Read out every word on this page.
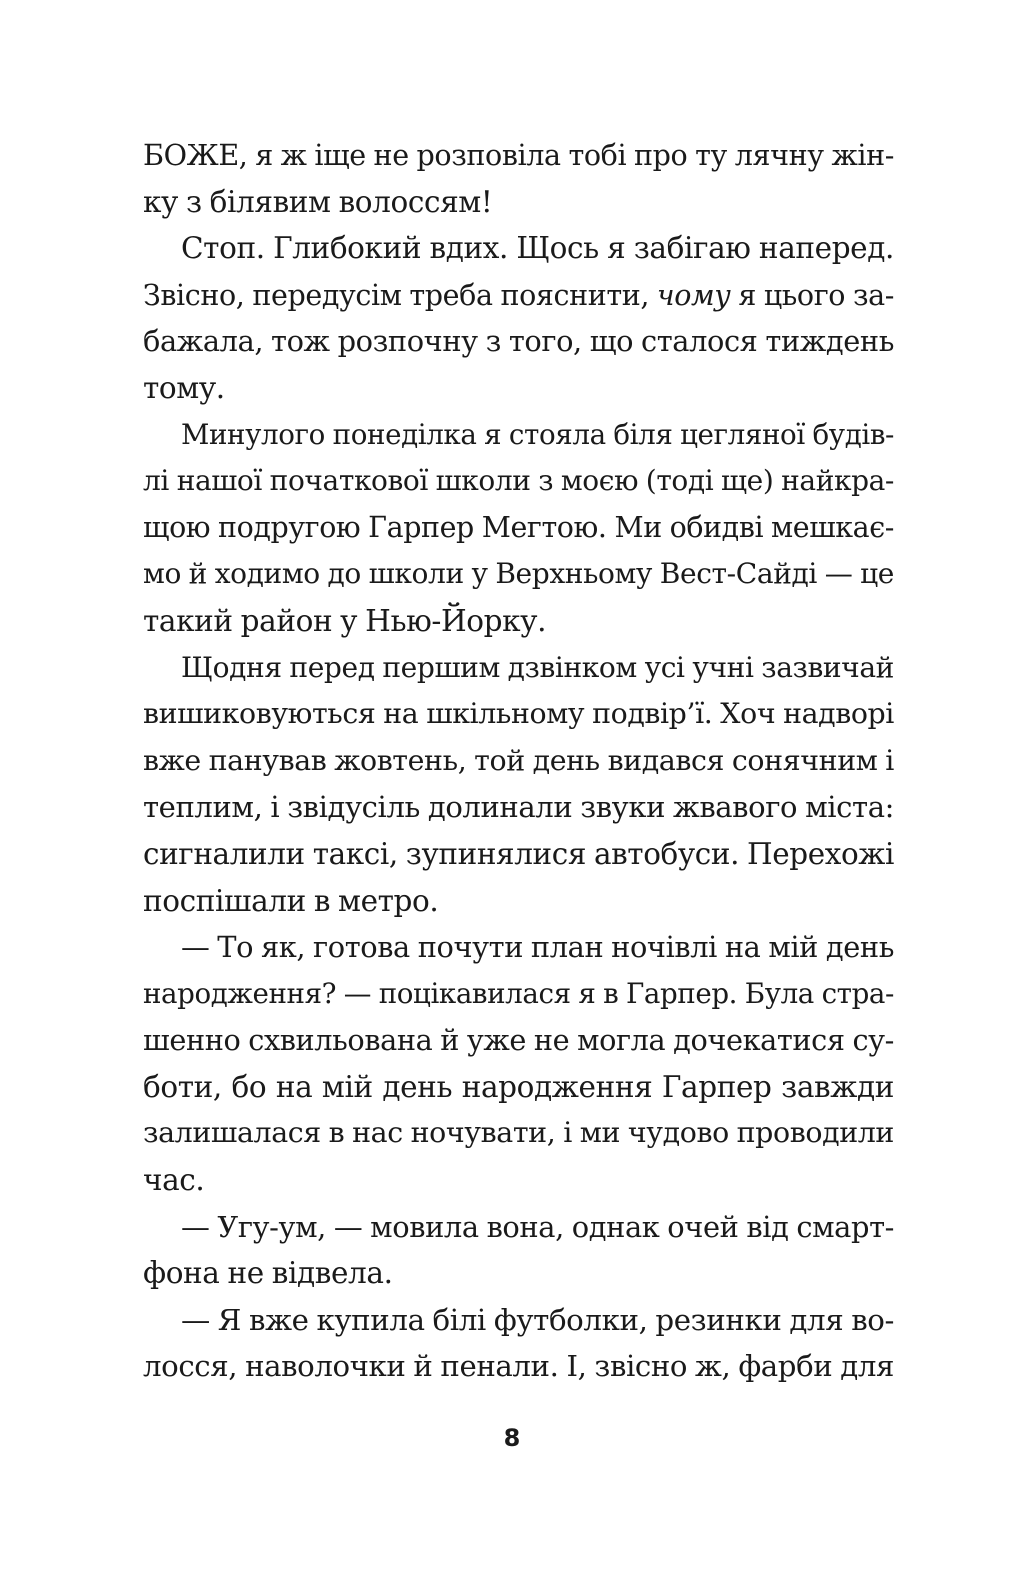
БОЖЕ, я ж іще не розповіла тобі про ту лячну жін-
ку з білявим волоссям!
Стоп. Глибокий вдих. Щось я забігаю наперед.
Звісно, передусім треба пояснити, чому я цього за-
бажала, тож розпочну з того, що сталося тиждень
тому.
Минулого понеділка я стояла біля цегляної будів-
лі нашої початкової школи з моєю (тоді ще) найкра-
щою подругою Гарпер Мегтою. Ми обидві мешкає-
мо й ходимо до школи у Верхньому Вест-Сайді — це
такий район у Нью-Йорку.
Щодня перед першим дзвінком усі учні зазвичай
вишиковуються на шкільному подвір’ї. Хоч надворі
вже панував жовтень, той день видався сонячним і
теплим, і звідусіль долинали звуки жвавого міста:
сигналили таксі, зупинялися автобуси. Перехожі
поспішали в метро.
— То як, готова почути план ночівлі на мій день
народження? — поцікавилася я в Гарпер. Була стра-
шенно схвильована й уже не могла дочекатися су-
боти, бо на мій день народження Гарпер завжди
залишалася в нас ночувати, і ми чудово проводили
час.
— Угу-ум, — мовила вона, однак очей від смарт-
фона не відвела.
— Я вже купила білі футболки, резинки для во-
лосся, наволочки й пенали. І, звісно ж, фарби для
8
